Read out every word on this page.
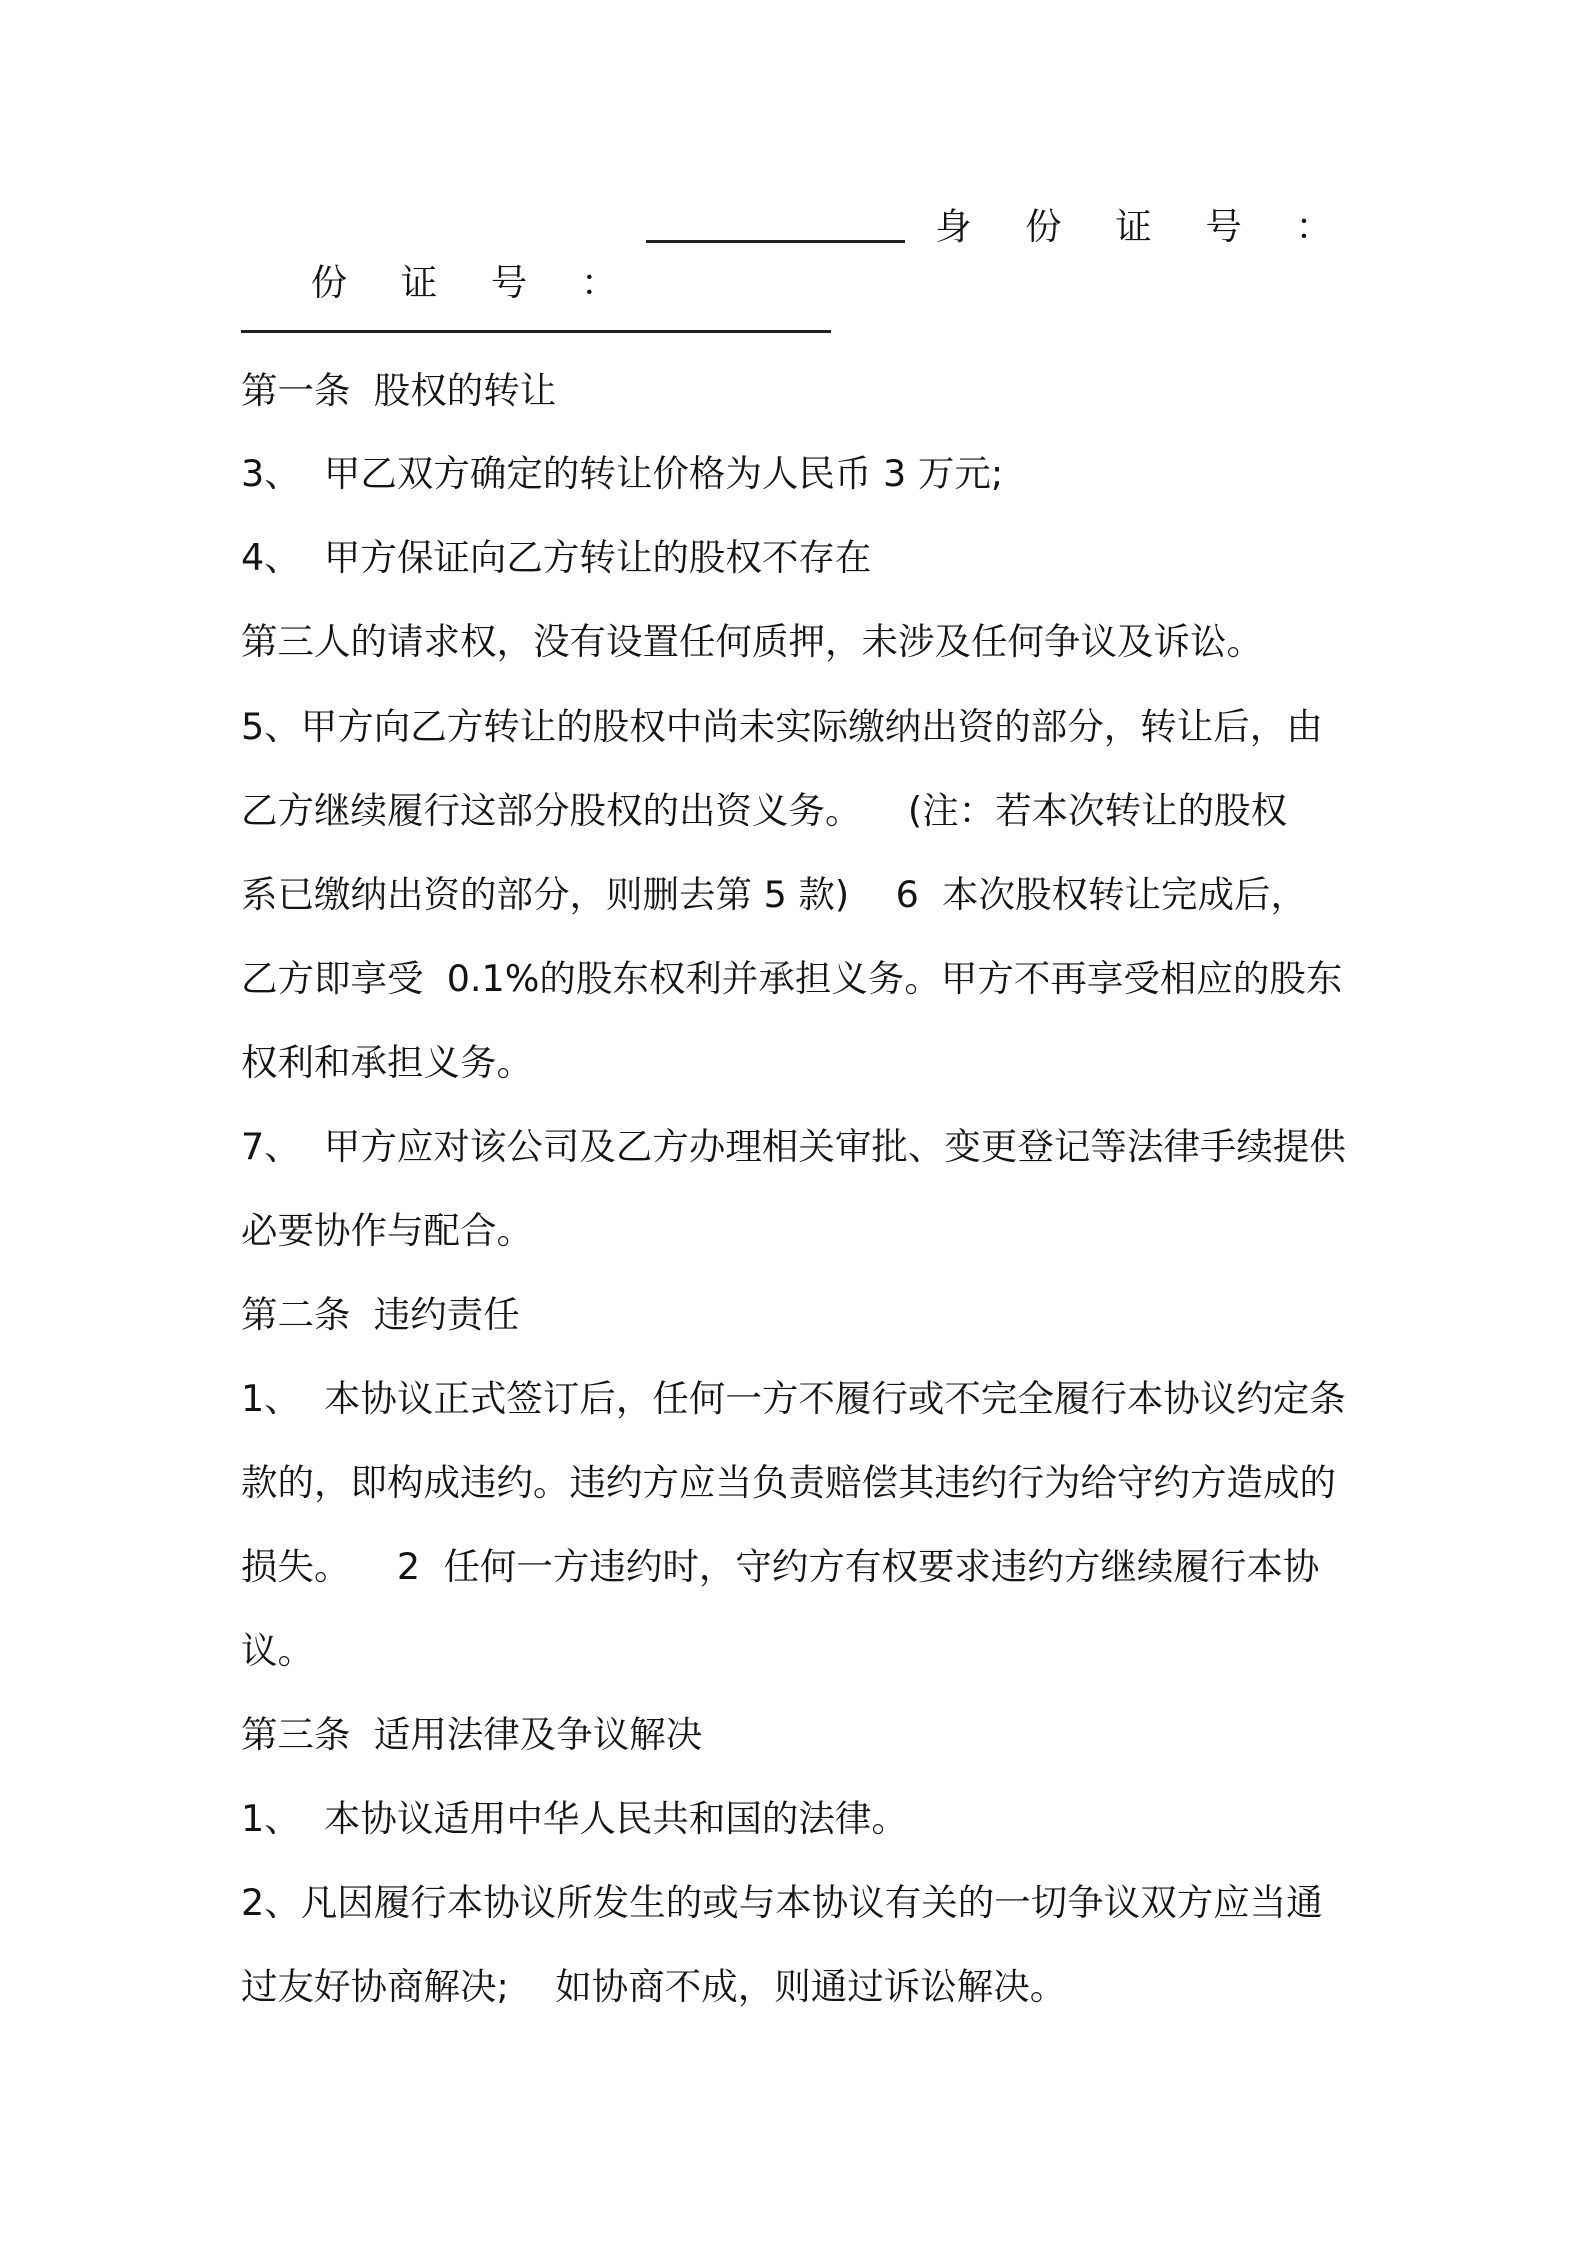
份 证 号 ：

身 份 证 号 ：
第一条  股权的转让
3、  甲乙双方确定的转让价格为人民币 3 万元;
4、  甲方保证向乙方转让的股权不存在
第三人的请求权，没有设置任何质押，未涉及任何争议及诉讼。
5、甲方向乙方转让的股权中尚未实际缴纳出资的部分，转让后，由
乙方继续履行这部分股权的出资义务。    (注：若本次转让的股权
系已缴纳出资的部分，则删去第 5 款)    6  本次股权转让完成后，
乙方即享受  0.1%的股东权利并承担义务。甲方不再享受相应的股东
权利和承担义务。
7、  甲方应对该公司及乙方办理相关审批、变更登记等法律手续提供
必要协作与配合。
第二条  违约责任
1、  本协议正式签订后，任何一方不履行或不完全履行本协议约定条
款的，即构成违约。违约方应当负责赔偿其违约行为给守约方造成的
损失。    2  任何一方违约时，守约方有权要求违约方继续履行本协
议。
第三条  适用法律及争议解决
1、  本协议适用中华人民共和国的法律。
2、凡因履行本协议所发生的或与本协议有关的一切争议双方应当通
过友好协商解决;    如协商不成，则通过诉讼解决。
